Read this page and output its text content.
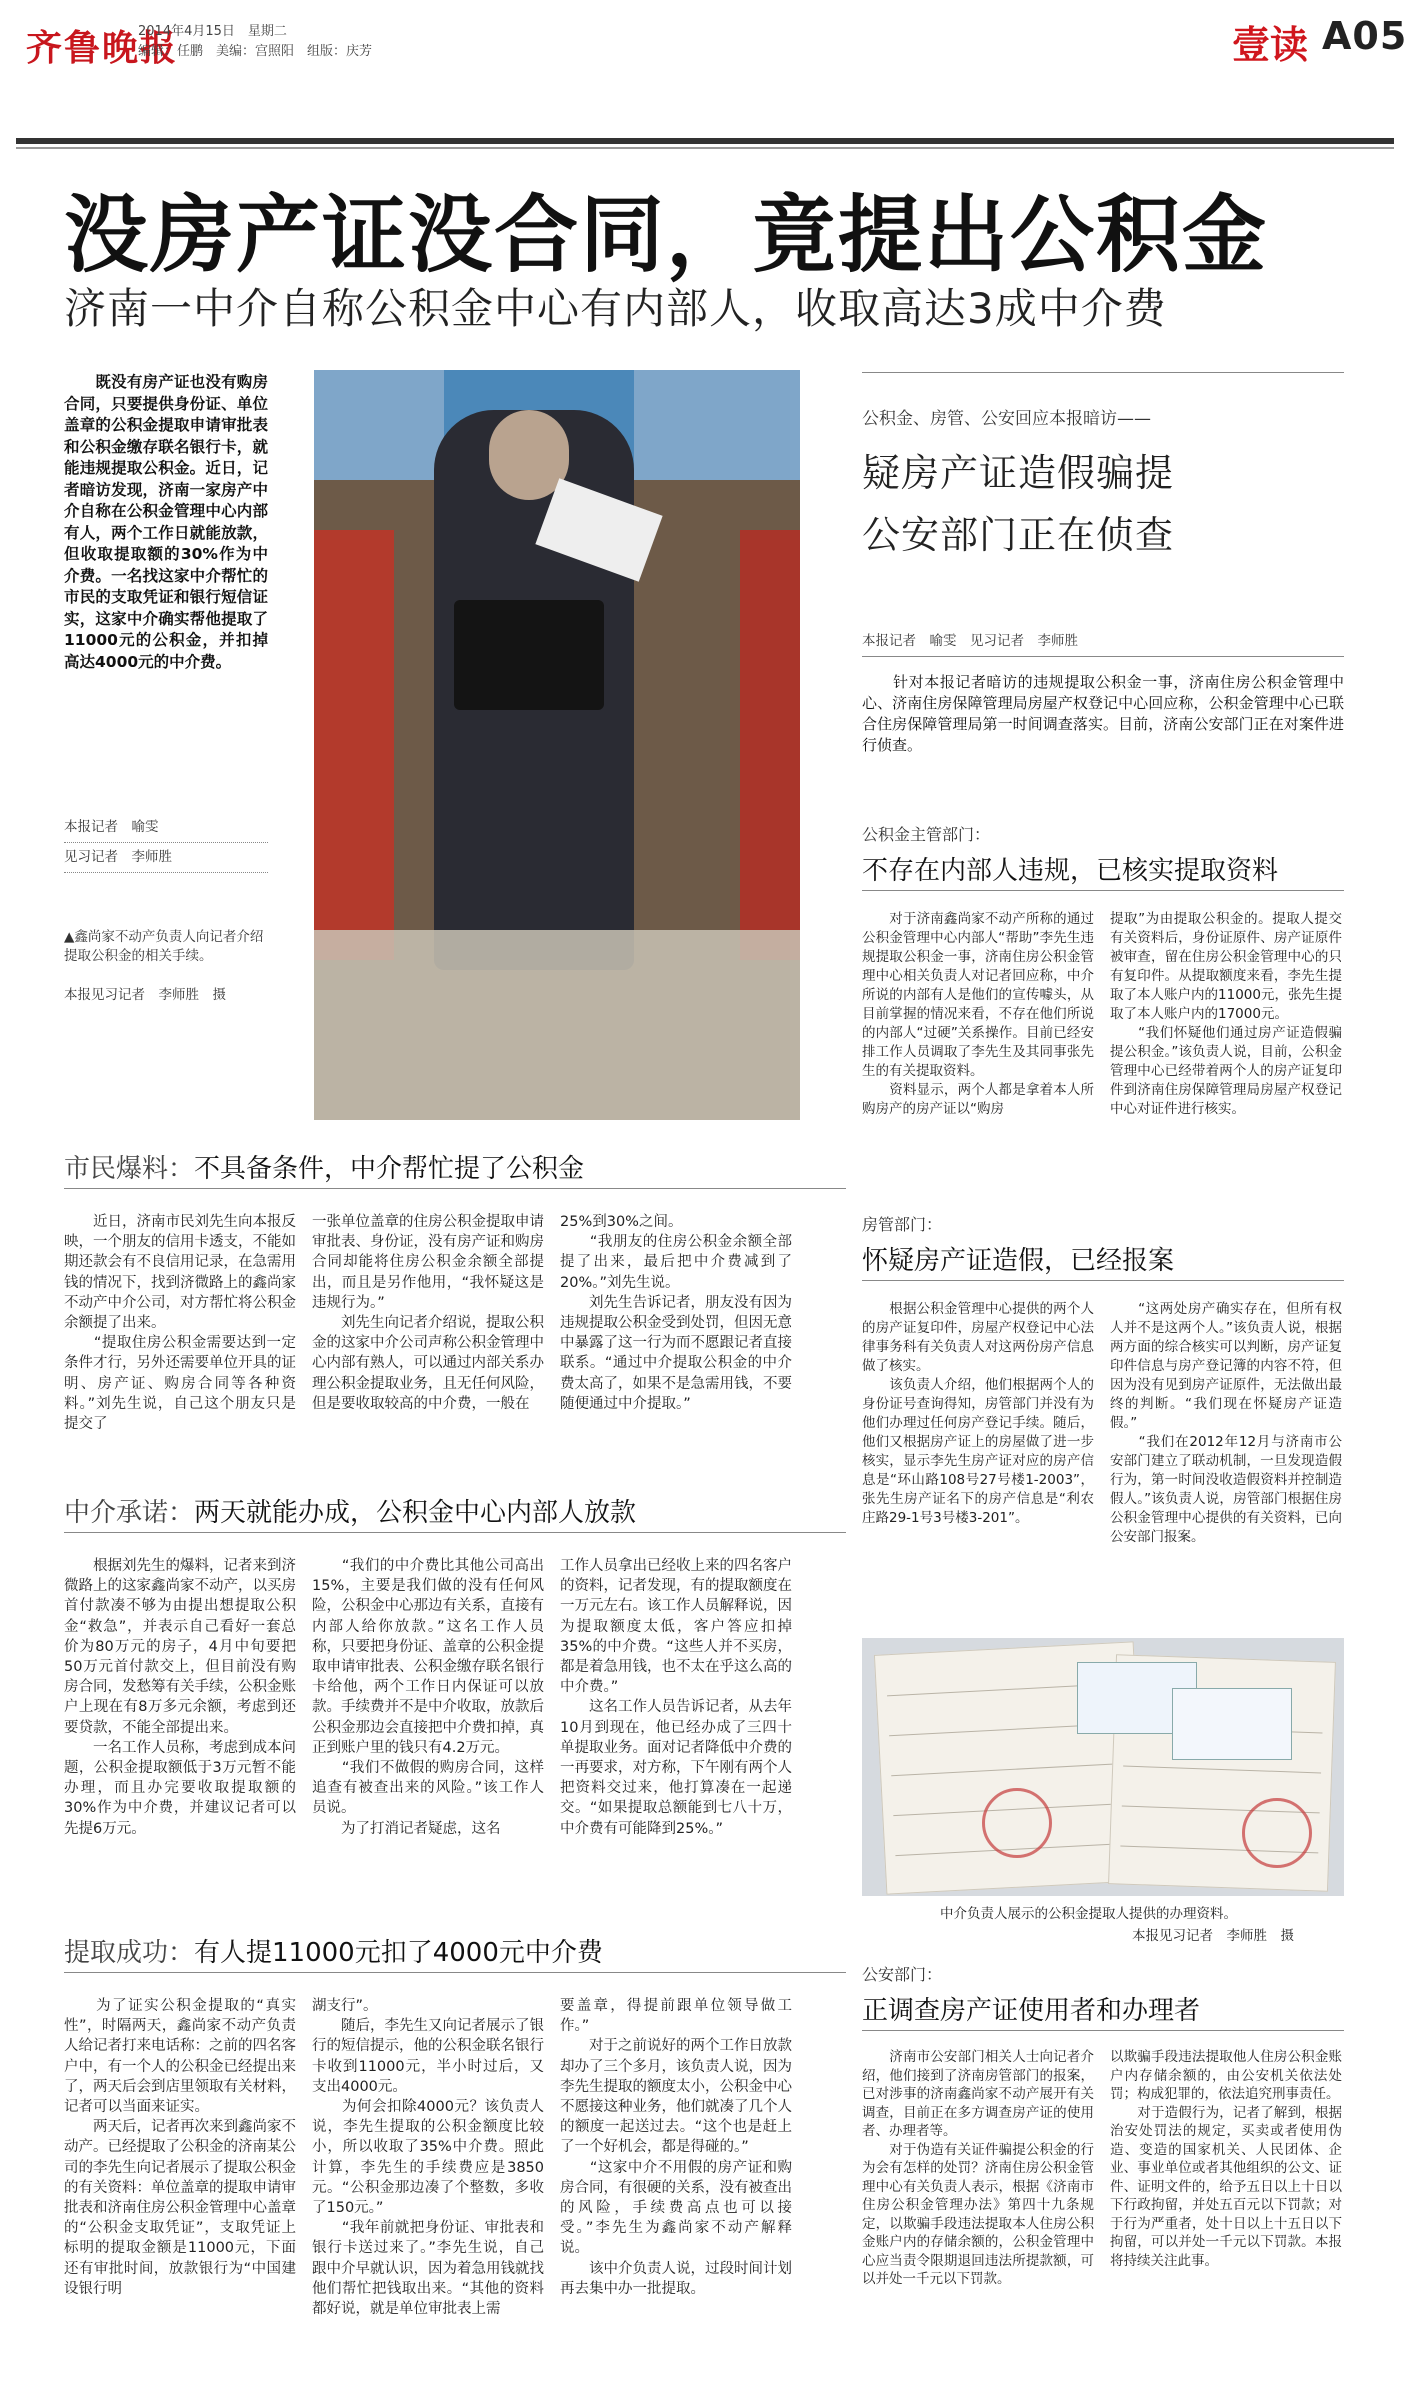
齐鲁晚报
2014年4月15日　星期二
编辑：任鹏　美编：宫照阳　组版：庆芳	壹读 A05
没房产证没合同，竟提出公积金
济南一中介自称公积金中心有内部人，收取高达3成中介费
　　既没有房产证也没有购房合同，只要提供身份证、单位盖章的公积金提取申请审批表和公积金缴存联名银行卡，就能违规提取公积金。近日，记者暗访发现，济南一家房产中介自称在公积金管理中心内部有人，两个工作日就能放款，但收取提取额的30%作为中介费。一名找这家中介帮忙的市民的支取凭证和银行短信证实，这家中介确实帮他提取了11000元的公积金，并扣掉高达4000元的中介费。
本报记者　喻雯
见习记者　李师胜
▲鑫尚家不动产负责人向记者介绍提取公积金的相关手续。
本报见习记者　李师胜　摄
市民爆料：不具备条件，中介帮忙提了公积金
　　近日，济南市民刘先生向本报反映，一个朋友的信用卡透支，不能如期还款会有不良信用记录，在急需用钱的情况下，找到济微路上的鑫尚家不动产中介公司，对方帮忙将公积金余额提了出来。
　　“提取住房公积金需要达到一定条件才行，另外还需要单位开具的证明、房产证、购房合同等各种资料。”刘先生说，自己这个朋友只是提交了
一张单位盖章的住房公积金提取申请审批表、身份证，没有房产证和购房合同却能将住房公积金余额全部提出，而且是另作他用，“我怀疑这是违规行为。”
　　刘先生向记者介绍说，提取公积金的这家中介公司声称公积金管理中心内部有熟人，可以通过内部关系办理公积金提取业务，且无任何风险，但是要收取较高的中介费，一般在
25%到30%之间。
　　“我朋友的住房公积金余额全部提了出来，最后把中介费减到了20%。”刘先生说。
　　刘先生告诉记者，朋友没有因为违规提取公积金受到处罚，但因无意中暴露了这一行为而不愿跟记者直接联系。“通过中介提取公积金的中介费太高了，如果不是急需用钱，不要随便通过中介提取。”
中介承诺：两天就能办成，公积金中心内部人放款
　　根据刘先生的爆料，记者来到济微路上的这家鑫尚家不动产，以买房首付款凑不够为由提出想提取公积金“救急”，并表示自己看好一套总价为80万元的房子，4月中旬要把50万元首付款交上，但目前没有购房合同，发愁筹有关手续，公积金账户上现在有8万多元余额，考虑到还要贷款，不能全部提出来。
　　一名工作人员称，考虑到成本问题，公积金提取额低于3万元暂不能办理，而且办完要收取提取额的30%作为中介费，并建议记者可以先提6万元。
　　“我们的中介费比其他公司高出15%，主要是我们做的没有任何风险，公积金中心那边有关系，直接有内部人给你放款。”这名工作人员称，只要把身份证、盖章的公积金提取申请审批表、公积金缴存联名银行卡给他，两个工作日内保证可以放款。手续费并不是中介收取，放款后公积金那边会直接把中介费扣掉，真正到账户里的钱只有4.2万元。
　　“我们不做假的购房合同，这样追查有被查出来的风险。”该工作人员说。
　　为了打消记者疑虑，这名
工作人员拿出已经收上来的四名客户的资料，记者发现，有的提取额度在一万元左右。该工作人员解释说，因为提取额度太低，客户答应扣掉35%的中介费。“这些人并不买房，都是着急用钱，也不太在乎这么高的中介费。”
　　这名工作人员告诉记者，从去年10月到现在，他已经办成了三四十单提取业务。面对记者降低中介费的一再要求，对方称，下午刚有两个人把资料交过来，他打算凑在一起递交。“如果提取总额能到七八十万，中介费有可能降到25%。”
提取成功：有人提11000元扣了4000元中介费
　　为了证实公积金提取的“真实性”，时隔两天，鑫尚家不动产负责人给记者打来电话称：之前的四名客户中，有一个人的公积金已经提出来了，两天后会到店里领取有关材料，记者可以当面来证实。
　　两天后，记者再次来到鑫尚家不动产。已经提取了公积金的济南某公司的李先生向记者展示了提取公积金的有关资料：单位盖章的提取申请审批表和济南住房公积金管理中心盖章的“公积金支取凭证”，支取凭证上标明的提取金额是11000元，下面还有审批时间，放款银行为“中国建设银行明
湖支行”。
　　随后，李先生又向记者展示了银行的短信提示，他的公积金联名银行卡收到11000元，半小时过后，又支出4000元。
　　为何会扣除4000元？该负责人说，李先生提取的公积金额度比较小，所以收取了35%中介费。照此计算，李先生的手续费应是3850元。“公积金那边凑了个整数，多收了150元。”
　　“我年前就把身份证、审批表和银行卡送过来了。”李先生说，自己跟中介早就认识，因为着急用钱就找他们帮忙把钱取出来。“其他的资料都好说，就是单位审批表上需
要盖章，得提前跟单位领导做工作。”
　　对于之前说好的两个工作日放款却办了三个多月，该负责人说，因为李先生提取的额度太小，公积金中心不愿接这种业务，他们就凑了几个人的额度一起送过去。“这个也是赶上了一个好机会，都是得碰的。”
　　“这家中介不用假的房产证和购房合同，有很硬的关系，没有被查出的风险，手续费高点也可以接受。”李先生为鑫尚家不动产解释说。
　　该中介负责人说，过段时间计划再去集中办一批提取。
公积金、房管、公安回应本报暗访——
疑房产证造假骗提
公安部门正在侦查
本报记者　喻雯　见习记者　李师胜
　　针对本报记者暗访的违规提取公积金一事，济南住房公积金管理中心、济南住房保障管理局房屋产权登记中心回应称，公积金管理中心已联合住房保障管理局第一时间调查落实。目前，济南公安部门正在对案件进行侦查。
公积金主管部门：
不存在内部人违规，已核实提取资料
　　对于济南鑫尚家不动产所称的通过公积金管理中心内部人“帮助”李先生违规提取公积金一事，济南住房公积金管理中心相关负责人对记者回应称，中介所说的内部有人是他们的宣传噱头，从目前掌握的情况来看，不存在他们所说的内部人“过硬”关系操作。目前已经安排工作人员调取了李先生及其同事张先生的有关提取资料。
　　资料显示，两个人都是拿着本人所购房产的房产证以“购房
提取”为由提取公积金的。提取人提交有关资料后，身份证原件、房产证原件被审查，留在住房公积金管理中心的只有复印件。从提取额度来看，李先生提取了本人账户内的11000元，张先生提取了本人账户内的17000元。
　　“我们怀疑他们通过房产证造假骗提公积金。”该负责人说，目前，公积金管理中心已经带着两个人的房产证复印件到济南住房保障管理局房屋产权登记中心对证件进行核实。
房管部门：
怀疑房产证造假，已经报案
　　根据公积金管理中心提供的两个人的房产证复印件，房屋产权登记中心法律事务科有关负责人对这两份房产信息做了核实。
　　该负责人介绍，他们根据两个人的身份证号查询得知，房管部门并没有为他们办理过任何房产登记手续。随后，他们又根据房产证上的房屋做了进一步核实，显示李先生房产证对应的房产信息是“环山路108号27号楼1-2003”，张先生房产证名下的房产信息是“利农庄路29-1号3号楼3-201”。
　　“这两处房产确实存在，但所有权人并不是这两个人。”该负责人说，根据两方面的综合核实可以判断，房产证复印件信息与房产登记簿的内容不符，但因为没有见到房产证原件，无法做出最终的判断。“我们现在怀疑房产证造假。”
　　“我们在2012年12月与济南市公安部门建立了联动机制，一旦发现造假行为，第一时间没收造假资料并控制造假人。”该负责人说，房管部门根据住房公积金管理中心提供的有关资料，已向公安部门报案。
中介负责人展示的公积金提取人提供的办理资料。
本报见习记者　李师胜　摄
公安部门：
正调查房产证使用者和办理者
　　济南市公安部门相关人士向记者介绍，他们接到了济南房管部门的报案，已对涉事的济南鑫尚家不动产展开有关调查，目前正在多方调查房产证的使用者、办理者等。
　　对于伪造有关证件骗提公积金的行为会有怎样的处罚？济南住房公积金管理中心有关负责人表示，根据《济南市住房公积金管理办法》第四十九条规定，以欺骗手段违法提取本人住房公积金账户内的存储余额的，公积金管理中心应当责令限期退回违法所提款额，可以并处一千元以下罚款。
以欺骗手段违法提取他人住房公积金账户内存储余额的，由公安机关依法处罚；构成犯罪的，依法追究刑事责任。
　　对于造假行为，记者了解到，根据治安处罚法的规定，买卖或者使用伪造、变造的国家机关、人民团体、企业、事业单位或者其他组织的公文、证件、证明文件的，给予五日以上十日以下行政拘留，并处五百元以下罚款；对于行为严重者，处十日以上十五日以下拘留，可以并处一千元以下罚款。本报将持续关注此事。
